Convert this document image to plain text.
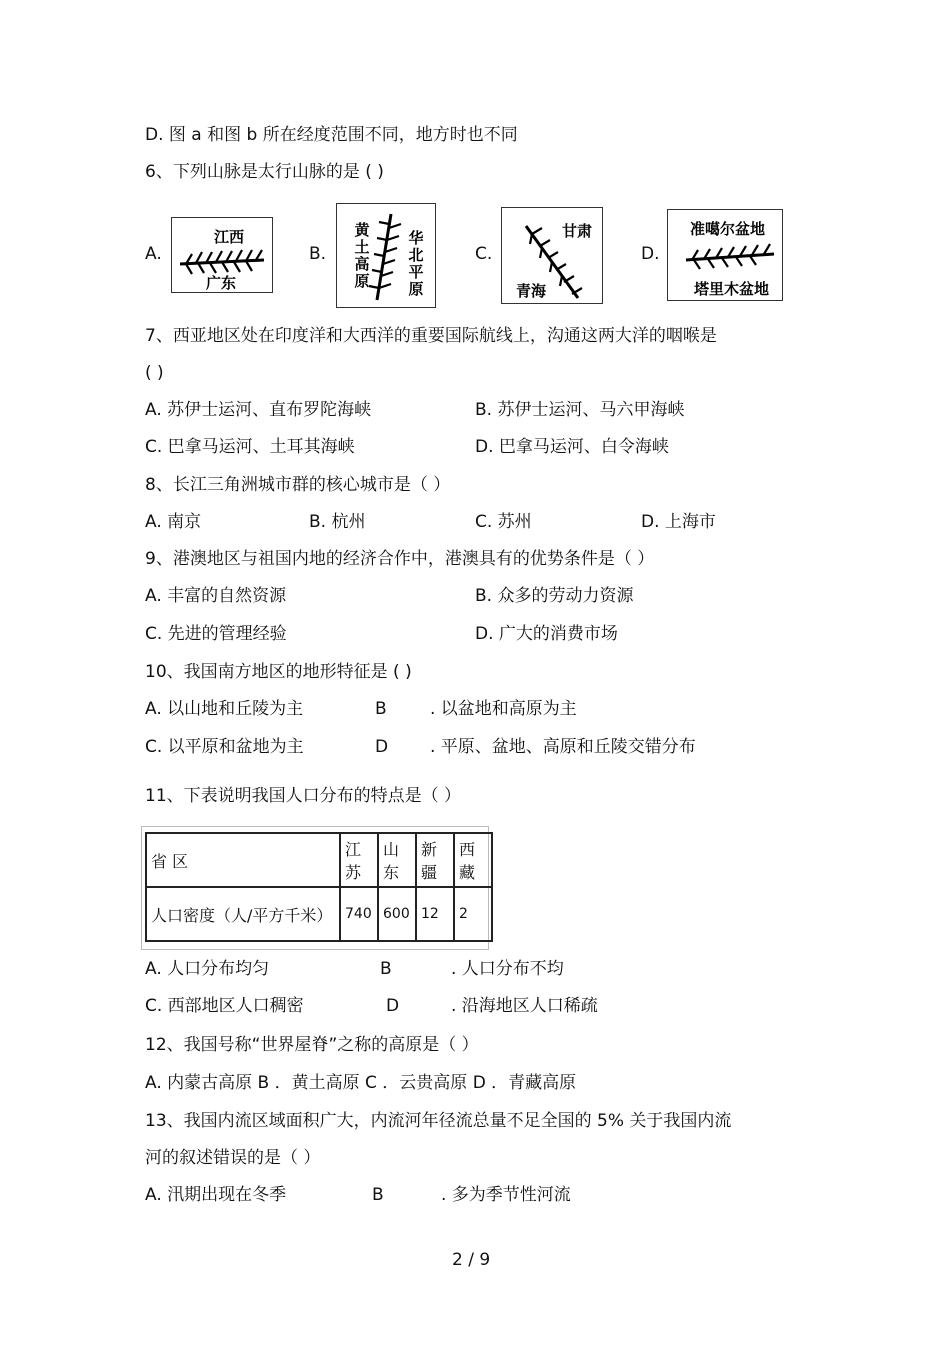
D. 图 a 和图 b 所在经度范围不同，地方时也不同
6、下列山脉是太行山脉的是 ( )
A.
江西
广东
B.
黄土高原
华北平原
C.
甘肃
青海
D.
准噶尔盆地
塔里木盆地
7、西亚地区处在印度洋和大西洋的重要国际航线上，沟通这两大洋的咽喉是
( )
A. 苏伊士运河、直布罗陀海峡	B. 苏伊士运河、马六甲海峡
C. 巴拿马运河、土耳其海峡	D. 巴拿马运河、白令海峡
8、长江三角洲城市群的核心城市是（ ）
A. 南京	B. 杭州	C. 苏州	D. 上海市
9、港澳地区与祖国内地的经济合作中，港澳具有的优势条件是（ ）
A. 丰富的自然资源	B. 众多的劳动力资源
C. 先进的管理经验	D. 广大的消费市场
10、我国南方地区的地形特征是 ( )
A. 以山地和丘陵为主	B	. 以盆地和高原为主
C. 以平原和盆地为主	D . 平原、盆地、高原和丘陵交错分布
11、下表说明我国人口分布的特点是（ ）
省 区	江苏	山东	新疆	西藏
人口密度（人/平方千米）	740	600	12	2
A. 人口分布均匀	B	. 人口分布不均
C. 西部地区人口稠密	D	. 沿海地区人口稀疏
12、我国号称“世界屋脊”之称的高原是（ ）
A. 内蒙古高原 B ．黄土高原 C ．云贵高原 D ．青藏高原
13、我国内流区域面积广大，内流河年径流总量不足全国的 5% 关于我国内流
河的叙述错误的是（ ）
A. 汛期出现在冬季	B	. 多为季节性河流
2 / 9
